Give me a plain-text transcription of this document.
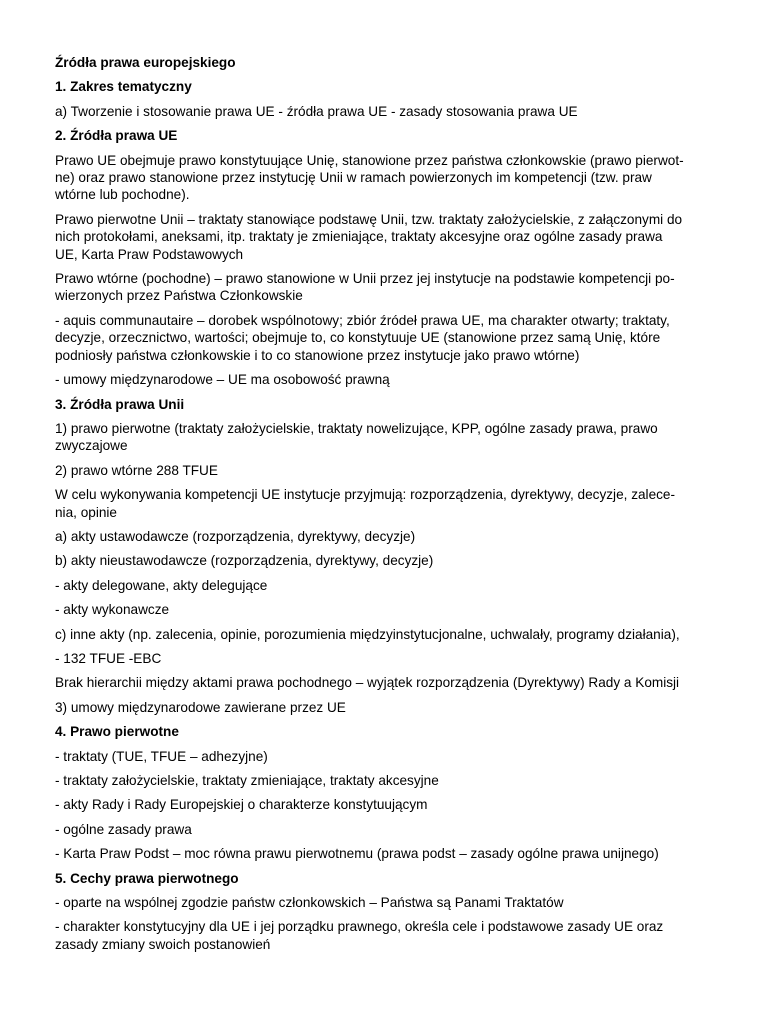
Źródła prawa europejskiego
1. Zakres tematyczny
a) Tworzenie i stosowanie prawa UE - źródła prawa UE - zasady stosowania prawa UE
2. Źródła prawa UE
Prawo UE obejmuje prawo konstytuujące Unię, stanowione przez państwa członkowskie (prawo pierwot-
ne) oraz prawo stanowione przez instytucję Unii w ramach powierzonych im kompetencji (tzw. praw
wtórne lub pochodne).
Prawo pierwotne Unii – traktaty stanowiące podstawę Unii, tzw. traktaty założycielskie, z załączonymi do
nich protokołami, aneksami, itp. traktaty je zmieniające, traktaty akcesyjne oraz ogólne zasady prawa
UE, Karta Praw Podstawowych
Prawo wtórne (pochodne) – prawo stanowione w Unii przez jej instytucje na podstawie kompetencji po-
wierzonych przez Państwa Członkowskie
- aquis communautaire – dorobek wspólnotowy; zbiór źródeł prawa UE, ma charakter otwarty; traktaty,
decyzje, orzecznictwo, wartości; obejmuje to, co konstytuuje UE (stanowione przez samą Unię, które
podniosły państwa członkowskie i to co stanowione przez instytucje jako prawo wtórne)
- umowy międzynarodowe – UE ma osobowość prawną
3. Źródła prawa Unii
1) prawo pierwotne (traktaty założycielskie, traktaty nowelizujące, KPP, ogólne zasady prawa, prawo
zwyczajowe
2) prawo wtórne 288 TFUE
W celu wykonywania kompetencji UE instytucje przyjmują: rozporządzenia, dyrektywy, decyzje, zalece-
nia, opinie
a) akty ustawodawcze (rozporządzenia, dyrektywy, decyzje)
b) akty nieustawodawcze (rozporządzenia, dyrektywy, decyzje)
- akty delegowane, akty delegujące
- akty wykonawcze
c) inne akty (np. zalecenia, opinie, porozumienia międzyinstytucjonalne, uchwalały, programy działania),
- 132 TFUE -EBC
Brak hierarchii między aktami prawa pochodnego – wyjątek rozporządzenia (Dyrektywy) Rady a Komisji
3) umowy międzynarodowe zawierane przez UE
4. Prawo pierwotne
- traktaty (TUE, TFUE – adhezyjne)
- traktaty założycielskie, traktaty zmieniające, traktaty akcesyjne
- akty Rady i Rady Europejskiej o charakterze konstytuującym
- ogólne zasady prawa
- Karta Praw Podst – moc równa prawu pierwotnemu (prawa podst – zasady ogólne prawa unijnego)
5. Cechy prawa pierwotnego
- oparte na wspólnej zgodzie państw członkowskich – Państwa są Panami Traktatów
- charakter konstytucyjny dla UE i jej porządku prawnego, określa cele i podstawowe zasady UE oraz
zasady zmiany swoich postanowień
